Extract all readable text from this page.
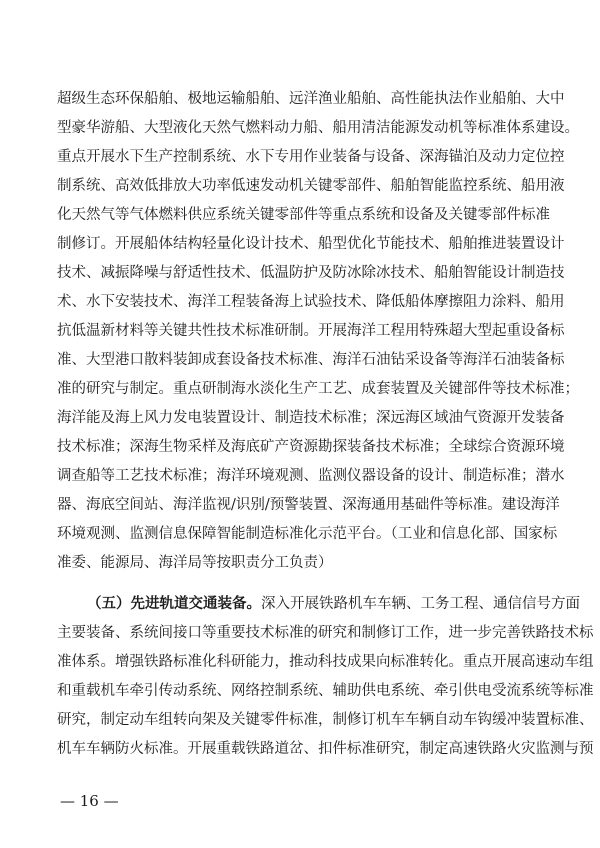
超级生态环保船舶、极地运输船舶、远洋渔业船舶、高性能执法作业船舶、大中
型豪华游船、大型液化天然气燃料动力船、船用清洁能源发动机等标准体系建设。
重点开展水下生产控制系统、水下专用作业装备与设备、深海锚泊及动力定位控
制系统、高效低排放大功率低速发动机关键零部件、船舶智能监控系统、船用液
化天然气等气体燃料供应系统关键零部件等重点系统和设备及关键零部件标准
制修订。开展船体结构轻量化设计技术、船型优化节能技术、船舶推进装置设计
技术、减振降噪与舒适性技术、低温防护及防冰除冰技术、船舶智能设计制造技
术、水下安装技术、海洋工程装备海上试验技术、降低船体摩擦阻力涂料、船用
抗低温新材料等关键共性技术标准研制。开展海洋工程用特殊超大型起重设备标
准、大型港口散料装卸成套设备技术标准、海洋石油钻采设备等海洋石油装备标
准的研究与制定。重点研制海水淡化生产工艺、成套装置及关键部件等技术标准；
海洋能及海上风力发电装置设计、制造技术标准；深远海区域油气资源开发装备
技术标准；深海生物采样及海底矿产资源勘探装备技术标准；全球综合资源环境
调查船等工艺技术标准；海洋环境观测、监测仪器设备的设计、制造标准；潜水
器、海底空间站、海洋监视/识别/预警装置、深海通用基础件等标准。建设海洋
环境观测、监测信息保障智能制造标准化示范平台。（工业和信息化部、国家标
准委、能源局、海洋局等按职责分工负责）
（五）先进轨道交通装备。深入开展铁路机车车辆、工务工程、通信信号方面
主要装备、系统间接口等重要技术标准的研究和制修订工作，进一步完善铁路技术标
准体系。增强铁路标准化科研能力，推动科技成果向标准转化。重点开展高速动车组
和重载机车牵引传动系统、网络控制系统、辅助供电系统、牵引供电受流系统等标准
研究，制定动车组转向架及关键零件标准，制修订机车车辆自动车钩缓冲装置标准、
机车车辆防火标准。开展重载铁路道岔、扣件标准研究，制定高速铁路火灾监测与预
— 16 —
